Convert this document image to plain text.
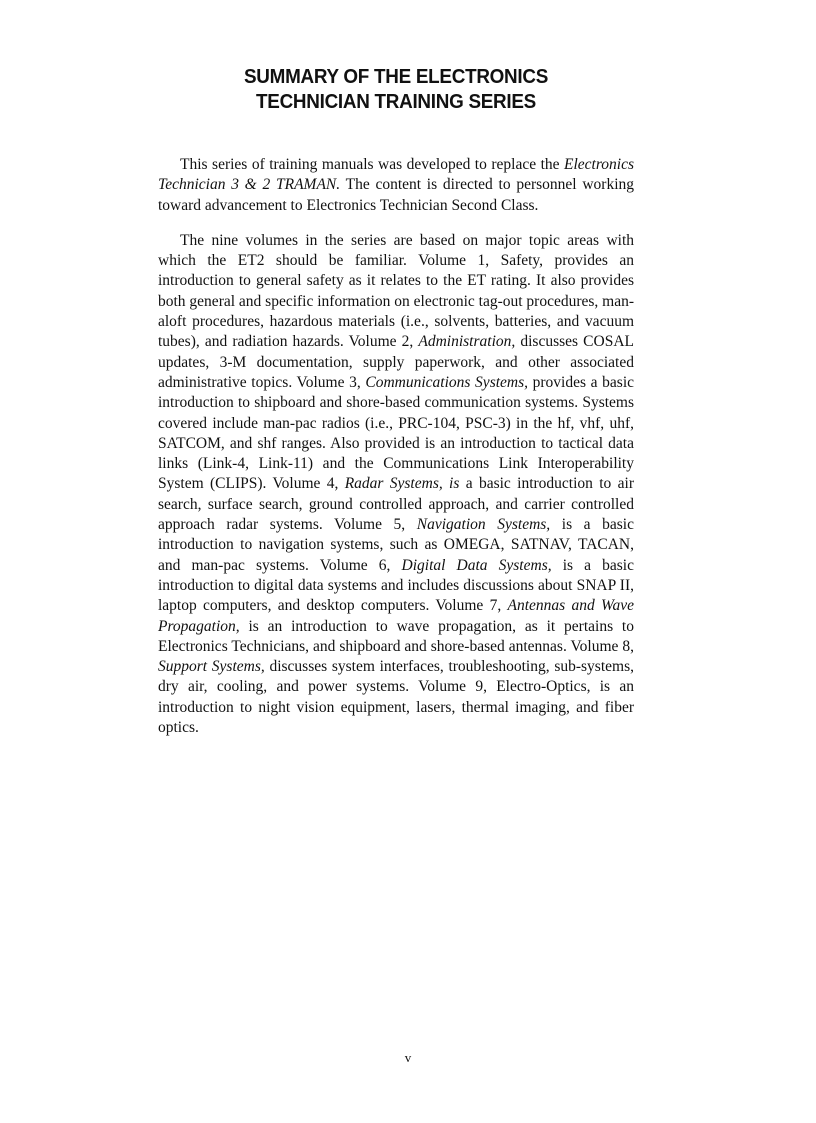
SUMMARY OF THE ELECTRONICS
TECHNICIAN TRAINING SERIES

This series of training manuals was developed to replace the Electronics Technician 3 & 2 TRAMAN. The content is directed to personnel working toward advancement to Electronics Technician Second Class.

The nine volumes in the series are based on major topic areas with which the ET2 should be familiar. Volume 1, Safety, provides an introduction to general safety as it relates to the ET rating. It also provides both general and specific information on electronic tag-out procedures, man-aloft procedures, hazardous materials (i.e., solvents, batteries, and vacuum tubes), and radiation hazards. Volume 2, Administration, discusses COSAL updates, 3-M documentation, supply paperwork, and other associated administrative topics. Volume 3, Communications Systems, provides a basic introduction to shipboard and shore-based communication systems. Systems covered include man-pac radios (i.e., PRC-104, PSC-3) in the hf, vhf, uhf, SATCOM, and shf ranges. Also provided is an introduction to tactical data links (Link-4, Link-11) and the Communications Link Interoperability System (CLIPS). Volume 4, Radar Systems, is a basic introduction to air search, surface search, ground controlled approach, and carrier controlled approach radar systems. Volume 5, Navigation Systems, is a basic introduction to navigation systems, such as OMEGA, SATNAV, TACAN, and man-pac systems. Volume 6, Digital Data Systems, is a basic introduction to digital data systems and includes discussions about SNAP II, laptop computers, and desktop computers. Volume 7, Antennas and Wave Propagation, is an introduction to wave propagation, as it pertains to Electronics Technicians, and shipboard and shore-based antennas. Volume 8, Support Systems, discusses system interfaces, troubleshooting, sub-systems, dry air, cooling, and power systems. Volume 9, Electro-Optics, is an introduction to night vision equipment, lasers, thermal imaging, and fiber optics.

v
